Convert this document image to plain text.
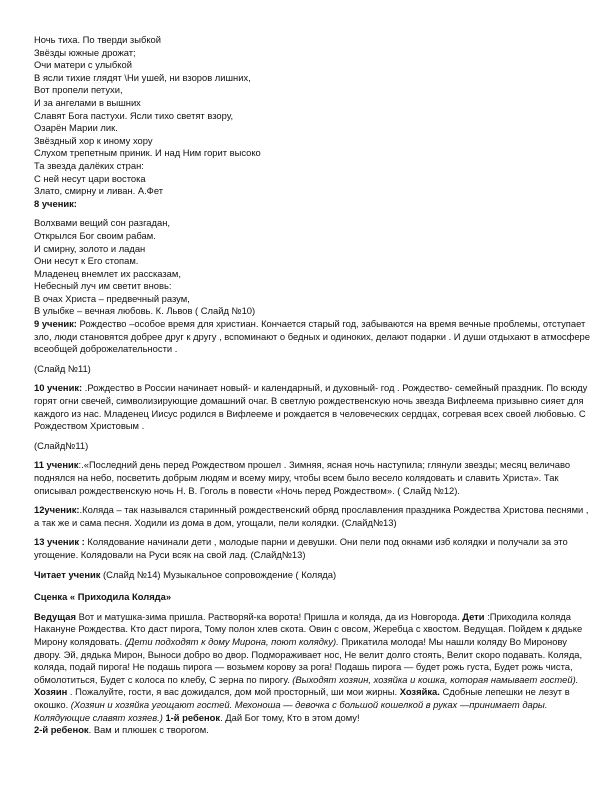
Ночь тиха. По тверди зыбкой
Звёзды южные дрожат;
Очи матери с улыбкой
В ясли тихие глядят \Ни ушей, ни взоров лишних,
Вот пропели петухи,
И за ангелами в вышних
Славят Бога пастухи. Ясли тихо светят взору,
Озарён Марии лик.
Звёздный хор к иному хору
Слухом трепетным приник. И над Ним горит высоко
Та звезда далёких стран:
С ней несут цари востока
Злато, смирну и ливан. А.Фет
8 ученик:
Волхвами вещий сон разгадан,
Открылся Бог своим рабам.
И смирну, золото и ладан
Они несут к Его стопам.
Младенец внемлет их рассказам,
Небесный луч им светит вновь:
В очах Христа – предвечный разум,
В улыбке – вечная любовь. К. Львов ( Слайд №10)

9 ученик: Рождество –особое время для христиан. Кончается старый год, забываются на время вечные проблемы, отступает зло, люди становятся добрее друг к другу , вспоминают о бедных и одиноких, делают подарки . И души отдыхают в атмосфере всеобщей доброжелательности .

(Слайд №11)

10 ученик: .Рождество в России начинает новый- и календарный, и духовный- год . Рождество- семейный праздник. По всюду горят огни свечей, символизирующие домашний очаг. В светлую рождественскую ночь звезда Вифлеема призывно сияет для каждого из нас. Младенец Иисус родился в Вифлееме и рождается в человеческих сердцах, согревая всех своей любовью. С Рождеством Христовым .

(Слайд№11)

11 ученик:.«Последний день перед Рождеством прошел . Зимняя, ясная ночь наступила; глянули звезды; месяц величаво поднялся на небо, посветить добрым людям и всему миру, чтобы всем было весело колядовать и славить Христа». Так описывал рождественскую ночь Н. В. Гоголь в повести «Ночь перед Рождеством». ( Слайд №12).

12ученик:.Коляда – так назывался старинный рождественский обряд прославления праздника Рождества Христова песнями , а так же и сама песня. Ходили из дома в дом, угощали, пели колядки. (Слайд№13)

13 ученик : Колядование начинали дети , молодые парни и девушки. Они пели под окнами изб колядки и получали за это угощение. Колядовали на Руси всяк на свой лад. (Слайд№13)

Читает ученик (Слайд №14) Музыкальное сопровождение ( Коляда)

Сценка « Приходила Коляда»

Ведущая Вот и матушка-зима пришла. Растворяй-ка ворота! Пришла и коляда, да из Новгорода. Дети :Приходила коляда Накануне Рождества. Кто даст пирога, Тому полон хлев скота. Овин с овсом, Жеребца с хвостом. Ведущая. Пойдем к дядьке Мирону колядовать. (Дети подходят к дому Мирона, поют колядку). Прикатила молода! Мы нашли коляду Во Миронову двору. Эй, дядька Мирон, Выноси добро во двор. Подмораживает нос, Не велит долго стоять, Велит скоро подавать. Коляда, коляда, подай пирога! Не подашь пирога — возьмем корову за рога! Подашь пирога — будет рожь густа, Будет рожь чиста, обмолотиться, Будет с колоса по клебу, С зерна по пирогу. (Выходят хозяин, хозяйка и кошка, которая намывает гостей). Хозяин . Пожалуйте, гости, я вас дожидался, дом мой просторный, ши мои жирны. Хозяйка. Сдобные лепешки не лезут в окошко. (Хозяин и хозяйка угощают гостей. Мехоноша — девочка с большой кошелкой в руках —принимает дары. Колядующие славят хозяев.) 1-й ребенок. Дай Бог тому, Кто в этом дому!

2-й ребенок. Вам и плюшек с творогом.
